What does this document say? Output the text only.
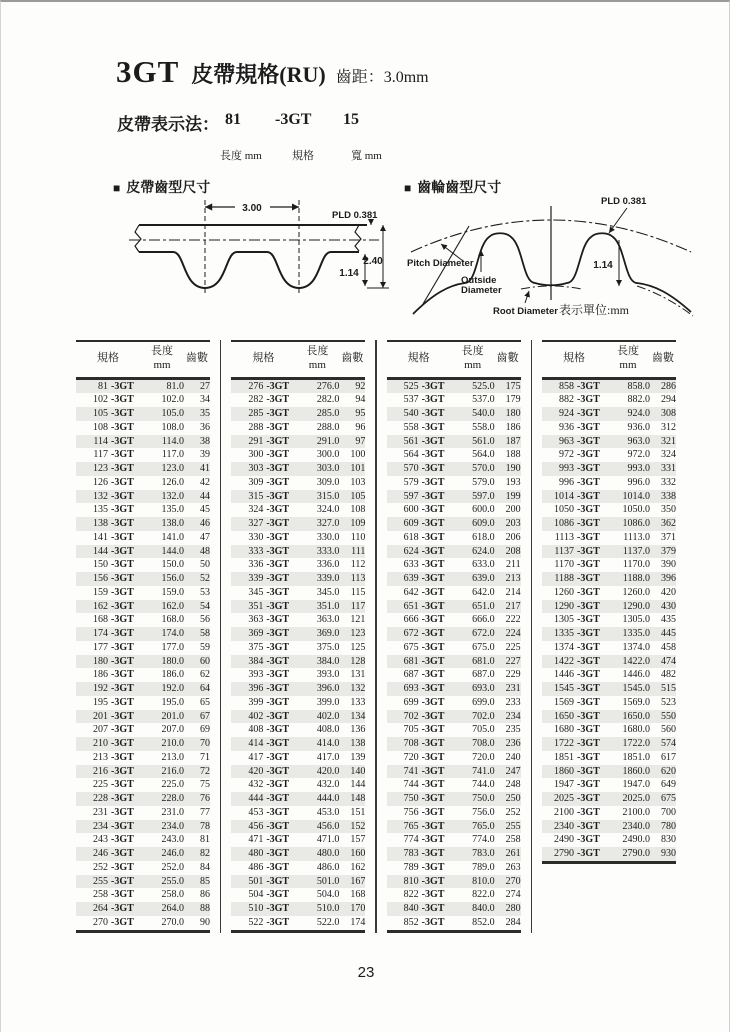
3GT 皮帶規格(RU) 齒距：3.0mm
皮帶表示法： 81 -3GT 15
長度 mm	規格	寬 mm
■ 皮帶齒型尺寸	■ 齒輪齒型尺寸
3.00
PLD 0.381
2.40
1.14
PLD 0.381
1.14
Pitch Diameter
Outside
Diameter
Root Diameter 表示單位:mm
規格	長度
mm	齒數
81 -3GT	81.0	27
102 -3GT	102.0	34
105 -3GT	105.0	35
108 -3GT	108.0	36
114 -3GT	114.0	38
117 -3GT	117.0	39
123 -3GT	123.0	41
126 -3GT	126.0	42
132 -3GT	132.0	44
135 -3GT	135.0	45
138 -3GT	138.0	46
141 -3GT	141.0	47
144 -3GT	144.0	48
150 -3GT	150.0	50
156 -3GT	156.0	52
159 -3GT	159.0	53
162 -3GT	162.0	54
168 -3GT	168.0	56
174 -3GT	174.0	58
177 -3GT	177.0	59
180 -3GT	180.0	60
186 -3GT	186.0	62
192 -3GT	192.0	64
195 -3GT	195.0	65
201 -3GT	201.0	67
207 -3GT	207.0	69
210 -3GT	210.0	70
213 -3GT	213.0	71
216 -3GT	216.0	72
225 -3GT	225.0	75
228 -3GT	228.0	76
231 -3GT	231.0	77
234 -3GT	234.0	78
243 -3GT	243.0	81
246 -3GT	246.0	82
252 -3GT	252.0	84
255 -3GT	255.0	85
258 -3GT	258.0	86
264 -3GT	264.0	88
270 -3GT	270.0	90
規格	長度
mm	齒數
276 -3GT	276.0	92
282 -3GT	282.0	94
285 -3GT	285.0	95
288 -3GT	288.0	96
291 -3GT	291.0	97
300 -3GT	300.0	100
303 -3GT	303.0	101
309 -3GT	309.0	103
315 -3GT	315.0	105
324 -3GT	324.0	108
327 -3GT	327.0	109
330 -3GT	330.0	110
333 -3GT	333.0	111
336 -3GT	336.0	112
339 -3GT	339.0	113
345 -3GT	345.0	115
351 -3GT	351.0	117
363 -3GT	363.0	121
369 -3GT	369.0	123
375 -3GT	375.0	125
384 -3GT	384.0	128
393 -3GT	393.0	131
396 -3GT	396.0	132
399 -3GT	399.0	133
402 -3GT	402.0	134
408 -3GT	408.0	136
414 -3GT	414.0	138
417 -3GT	417.0	139
420 -3GT	420.0	140
432 -3GT	432.0	144
444 -3GT	444.0	148
453 -3GT	453.0	151
456 -3GT	456.0	152
471 -3GT	471.0	157
480 -3GT	480.0	160
486 -3GT	486.0	162
501 -3GT	501.0	167
504 -3GT	504.0	168
510 -3GT	510.0	170
522 -3GT	522.0	174
規格	長度
mm	齒數
525 -3GT	525.0	175
537 -3GT	537.0	179
540 -3GT	540.0	180
558 -3GT	558.0	186
561 -3GT	561.0	187
564 -3GT	564.0	188
570 -3GT	570.0	190
579 -3GT	579.0	193
597 -3GT	597.0	199
600 -3GT	600.0	200
609 -3GT	609.0	203
618 -3GT	618.0	206
624 -3GT	624.0	208
633 -3GT	633.0	211
639 -3GT	639.0	213
642 -3GT	642.0	214
651 -3GT	651.0	217
666 -3GT	666.0	222
672 -3GT	672.0	224
675 -3GT	675.0	225
681 -3GT	681.0	227
687 -3GT	687.0	229
693 -3GT	693.0	231
699 -3GT	699.0	233
702 -3GT	702.0	234
705 -3GT	705.0	235
708 -3GT	708.0	236
720 -3GT	720.0	240
741 -3GT	741.0	247
744 -3GT	744.0	248
750 -3GT	750.0	250
756 -3GT	756.0	252
765 -3GT	765.0	255
774 -3GT	774.0	258
783 -3GT	783.0	261
789 -3GT	789.0	263
810 -3GT	810.0	270
822 -3GT	822.0	274
840 -3GT	840.0	280
852 -3GT	852.0	284
規格	長度
mm	齒數
858 -3GT	858.0	286
882 -3GT	882.0	294
924 -3GT	924.0	308
936 -3GT	936.0	312
963 -3GT	963.0	321
972 -3GT	972.0	324
993 -3GT	993.0	331
996 -3GT	996.0	332
1014 -3GT	1014.0	338
1050 -3GT	1050.0	350
1086 -3GT	1086.0	362
1113 -3GT	1113.0	371
1137 -3GT	1137.0	379
1170 -3GT	1170.0	390
1188 -3GT	1188.0	396
1260 -3GT	1260.0	420
1290 -3GT	1290.0	430
1305 -3GT	1305.0	435
1335 -3GT	1335.0	445
1374 -3GT	1374.0	458
1422 -3GT	1422.0	474
1446 -3GT	1446.0	482
1545 -3GT	1545.0	515
1569 -3GT	1569.0	523
1650 -3GT	1650.0	550
1680 -3GT	1680.0	560
1722 -3GT	1722.0	574
1851 -3GT	1851.0	617
1860 -3GT	1860.0	620
1947 -3GT	1947.0	649
2025 -3GT	2025.0	675
2100 -3GT	2100.0	700
2340 -3GT	2340.0	780
2490 -3GT	2490.0	830
2790 -3GT	2790.0	930
23
